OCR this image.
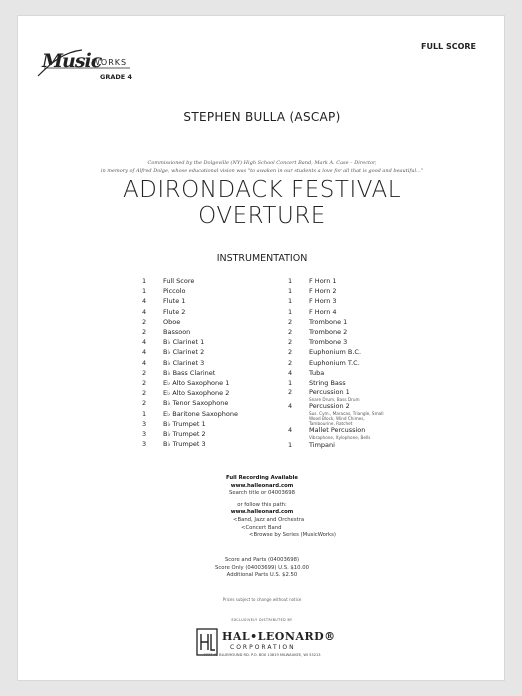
Music
WORKS
GRADE 4
FULL SCORE
STEPHEN BULLA (ASCAP)
Commissioned by the Dolgeville (NY) High School Concert Band, Mark A. Case – Director,
in memory of Alfred Dolge, whose educational vision was "to awaken in our students a love for all that is good and beautiful..."
ADIRONDACK FESTIVAL
OVERTURE
INSTRUMENTATION
1	Full Score
1	Piccolo
4	Flute 1
4	Flute 2
2	Oboe
2	Bassoon
4	B♭ Clarinet 1
4	B♭ Clarinet 2
4	B♭ Clarinet 3
2	B♭ Bass Clarinet
2	E♭ Alto Saxophone 1
2	E♭ Alto Saxophone 2
2	B♭ Tenor Saxophone
1	E♭ Baritone Saxophone
3	B♭ Trumpet 1
3	B♭ Trumpet 2
3	B♭ Trumpet 3
1	F Horn 1
1	F Horn 2
1	F Horn 3
1	F Horn 4
2	Trombone 1
2	Trombone 2
2	Trombone 3
2	Euphonium B.C.
2	Euphonium T.C.
4	Tuba
1	String Bass
2	Percussion 1
Snare Drum, Bass Drum
4	Percussion 2
Sus. Cym., Maracas, Triangle, Small Wood Block, Wind Chimes, Tambourine, Ratchet
4	Mallet Percussion
Vibraphone, Xylophone, Bells
1	Timpani
Full Recording Available
www.halleonard.com
Search title or 04003698
or follow this path:
www.halleonard.com
<Band, Jazz and Orchestra
<Concert Band
<Browse by Series (MusicWorks)
Score and Parts (04003698)
Score Only (04003699) U.S. $10.00
Additional Parts U.S. $2.50
Prices subject to change without notice
EXCLUSIVELY DISTRIBUTED BY
HAL•LEONARD®
CORPORATION
7777 W. BLUEMOUND RD. P.O. BOX 13819 MILWAUKEE, WI 53213
